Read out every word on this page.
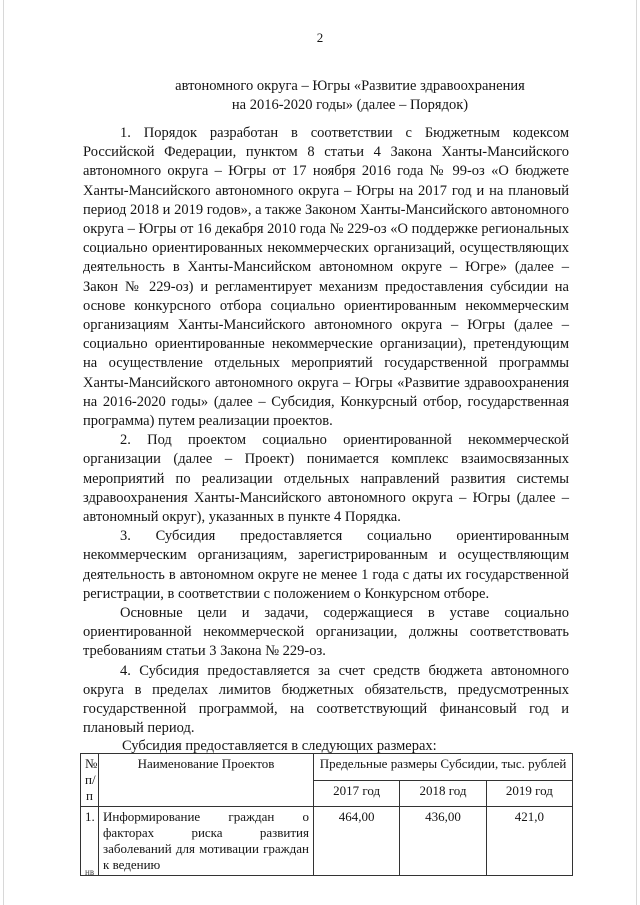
2
автономного округа – Югры «Развитие здравоохранения
на 2016-2020 годы» (далее – Порядок)

1. Порядок разработан в соответствии с Бюджетным кодексом Российской Федерации, пунктом 8 статьи 4 Закона Ханты-Мансийского автономного округа – Югры от 17 ноября 2016 года № 99-оз «О бюджете Ханты-Мансийского автономного округа – Югры на 2017 год и на плановый период 2018 и 2019 годов», а также Законом Ханты-Мансийского автономного округа – Югры от 16 декабря 2010 года № 229-оз «О поддержке региональных социально ориентированных некоммерческих организаций, осуществляющих деятельность в Ханты-Мансийском автономном округе – Югре» (далее – Закон № 229-оз) и регламентирует механизм предоставления субсидии на основе конкурсного отбора социально ориентированным некоммерческим организациям Ханты-Мансийского автономного округа – Югры (далее – социально ориентированные некоммерческие организации), претендующим на осуществление отдельных мероприятий государственной программы Ханты-Мансийского автономного округа – Югры «Развитие здравоохранения на 2016-2020 годы» (далее – Субсидия, Конкурсный отбор, государственная программа) путем реализации проектов.

2. Под проектом социально ориентированной некоммерческой организации (далее – Проект) понимается комплекс взаимосвязанных мероприятий по реализации отдельных направлений развития системы здравоохранения Ханты-Мансийского автономного округа – Югры (далее – автономный округ), указанных в пункте 4 Порядка.

3. Субсидия предоставляется социально ориентированным некоммерческим организациям, зарегистрированным и осуществляющим деятельность в автономном округе не менее 1 года с даты их государственной регистрации, в соответствии с положением о Конкурсном отборе.

Основные цели и задачи, содержащиеся в уставе социально ориентированной некоммерческой организации, должны соответствовать требованиям статьи 3 Закона № 229-оз.

4. Субсидия предоставляется за счет средств бюджета автономного округа в пределах лимитов бюджетных обязательств, предусмотренных государственной программой, на соответствующий финансовый год и плановый период.

Субсидия предоставляется в следующих размерах:
№ п/п	Наименование Проектов	Предельные размеры Субсидии, тыс. рублей		
		2017 год	2018 год	2019 год
1.	Информирование граждан о факторах риска развития заболеваний для мотивации граждан к ведению	464,00	436,00	421,0
нв
